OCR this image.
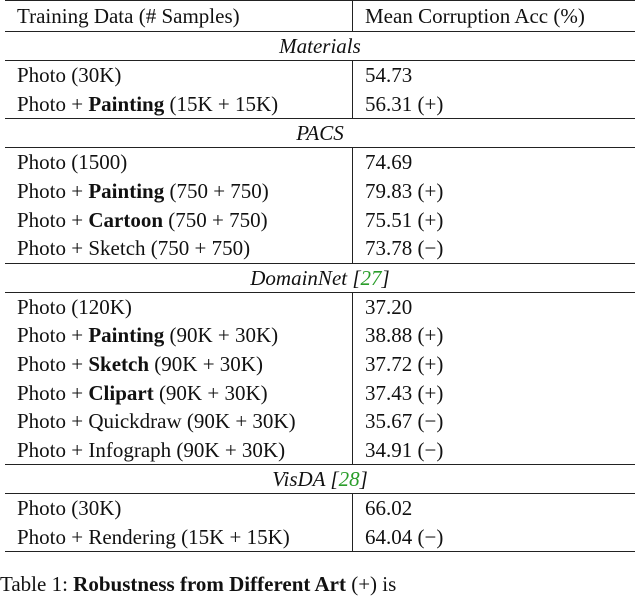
Training Data (# Samples)	Mean Corruption Acc (%)
Materials	
Photo (30K)	54.73
Photo + Painting (15K + 15K)	56.31 (+)
PACS	
Photo (1500)	74.69
Photo + Painting (750 + 750)	79.83 (+)
Photo + Cartoon (750 + 750)	75.51 (+)
Photo + Sketch (750 + 750)	73.78 (−)
DomainNet [27]	
Photo (120K)	37.20
Photo + Painting (90K + 30K)	38.88 (+)
Photo + Sketch (90K + 30K)	37.72 (+)
Photo + Clipart (90K + 30K)	37.43 (+)
Photo + Quickdraw (90K + 30K)	35.67 (−)
Photo + Infograph (90K + 30K)	34.91 (−)
VisDA [28]	
Photo (30K)	66.02
Photo + Rendering (15K + 15K)	64.04 (−)
Table 1: Robustness from Different Art (+) is
